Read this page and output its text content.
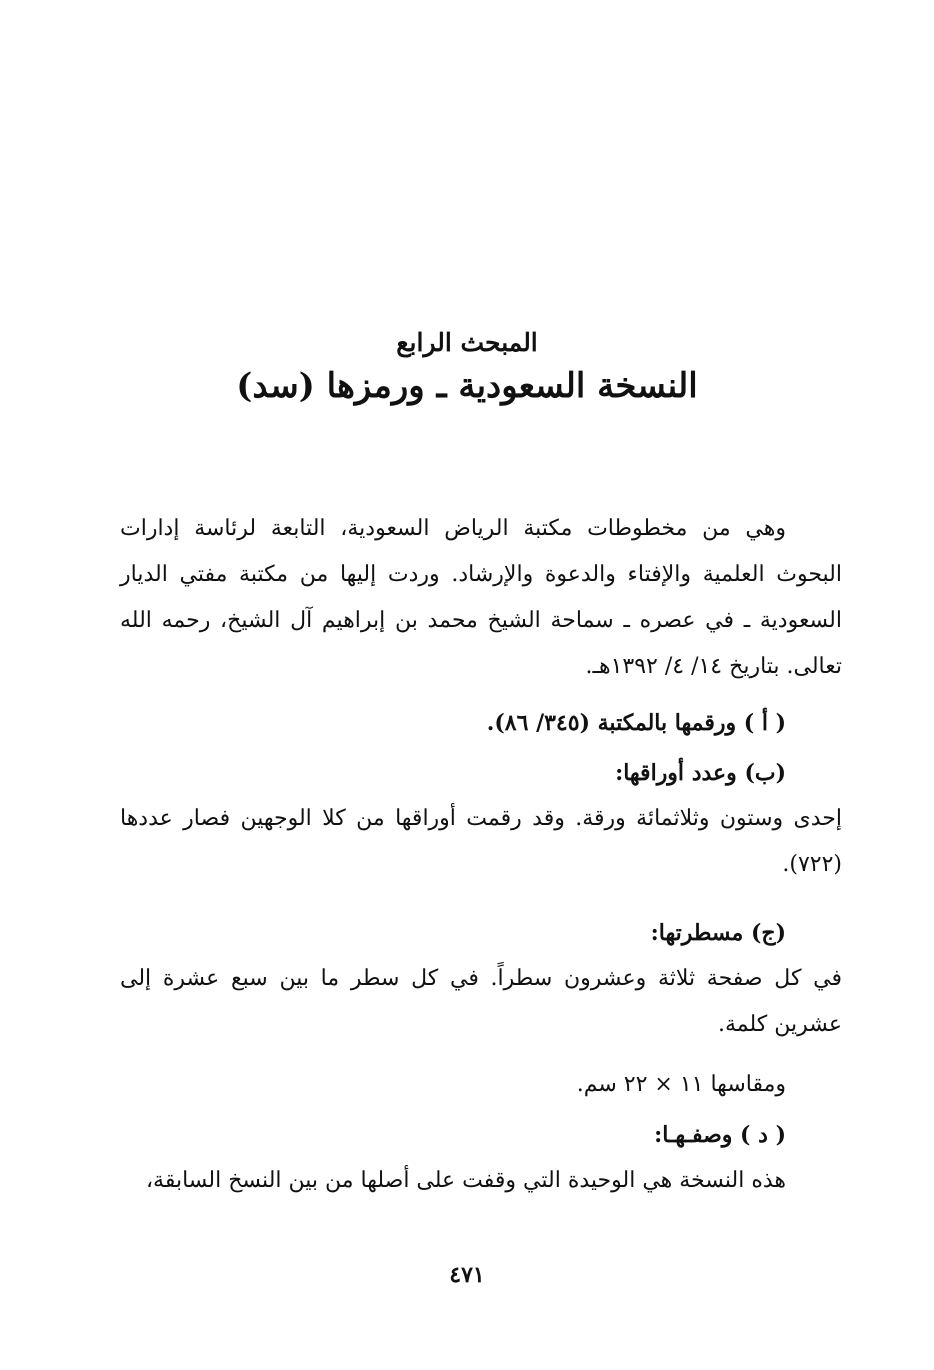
المبحث الرابع
النسخة السعودية ـ ورمزها (سد)

وهي من مخطوطات مكتبة الرياض السعودية، التابعة لرئاسة إدارات البحوث العلمية والإفتاء والدعوة والإرشاد. وردت إليها من مكتبة مفتي الديار السعودية ـ في عصره ـ سماحة الشيخ محمد بن إبراهيم آل الشيخ، رحمه الله تعالى. بتاريخ ١٤/ ٤/ ١٣٩٢هـ.

( أ ) ورقمها بالمكتبة (٣٤٥/ ٨٦).

(ب) وعدد أوراقها:

إحدى وستون وثلاثمائة ورقة. وقد رقمت أوراقها من كلا الوجهين فصار عددها (٧٢٢).

(ج) مسطرتها:

في كل صفحة ثلاثة وعشرون سطراً. في كل سطر ما بين سبع عشرة إلى عشرين كلمة.

ومقاسها ١١ × ٢٢ سم.

( د ) وصفـهـا:

هذه النسخة هي الوحيدة التي وقفت على أصلها من بين النسخ السابقة،

٤٧١
